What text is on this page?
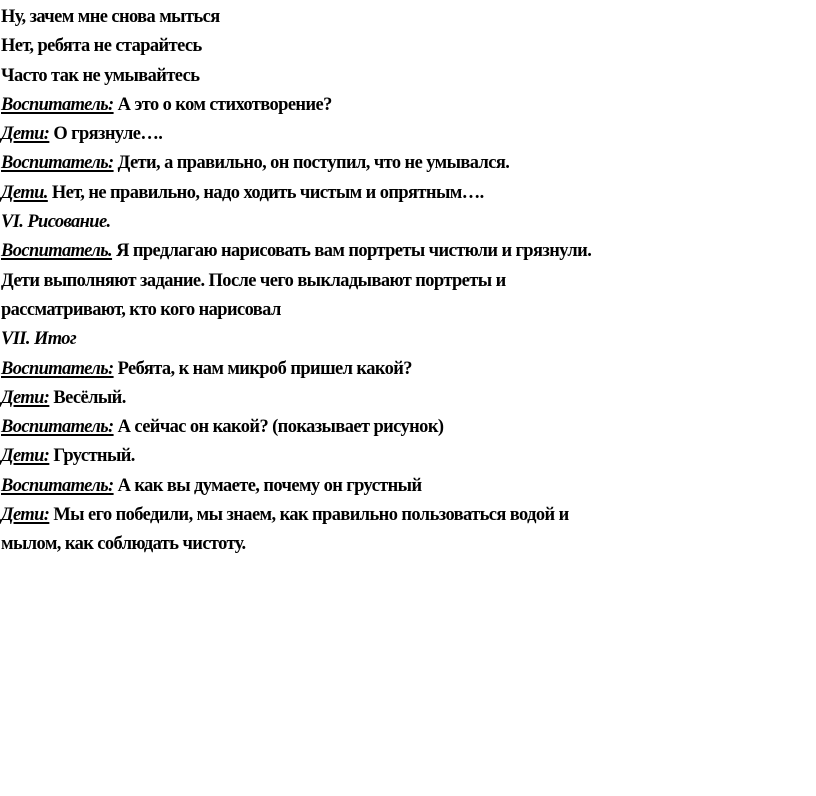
Ну, зачем мне снова мыться
Нет, ребята не старайтесь
Часто так не умывайтесь
Воспитатель: А это о ком стихотворение?
Дети: О грязнуле….
Воспитатель: Дети, а правильно, он поступил, что не умывался.
Дети. Нет, не правильно, надо ходить чистым и опрятным….
VI. Рисование.
Воспитатель. Я предлагаю нарисовать вам портреты чистюли и грязнули.
Дети выполняют задание. После чего выкладывают портреты и
рассматривают, кто кого нарисовал
VII. Итог
Воспитатель: Ребята, к нам микроб пришел какой?
Дети: Весёлый.
Воспитатель: А сейчас он какой? (показывает рисунок)
Дети: Грустный.
Воспитатель: А как вы думаете, почему он грустный
Дети: Мы его победили, мы знаем, как правильно пользоваться водой и
мылом, как соблюдать чистоту.
